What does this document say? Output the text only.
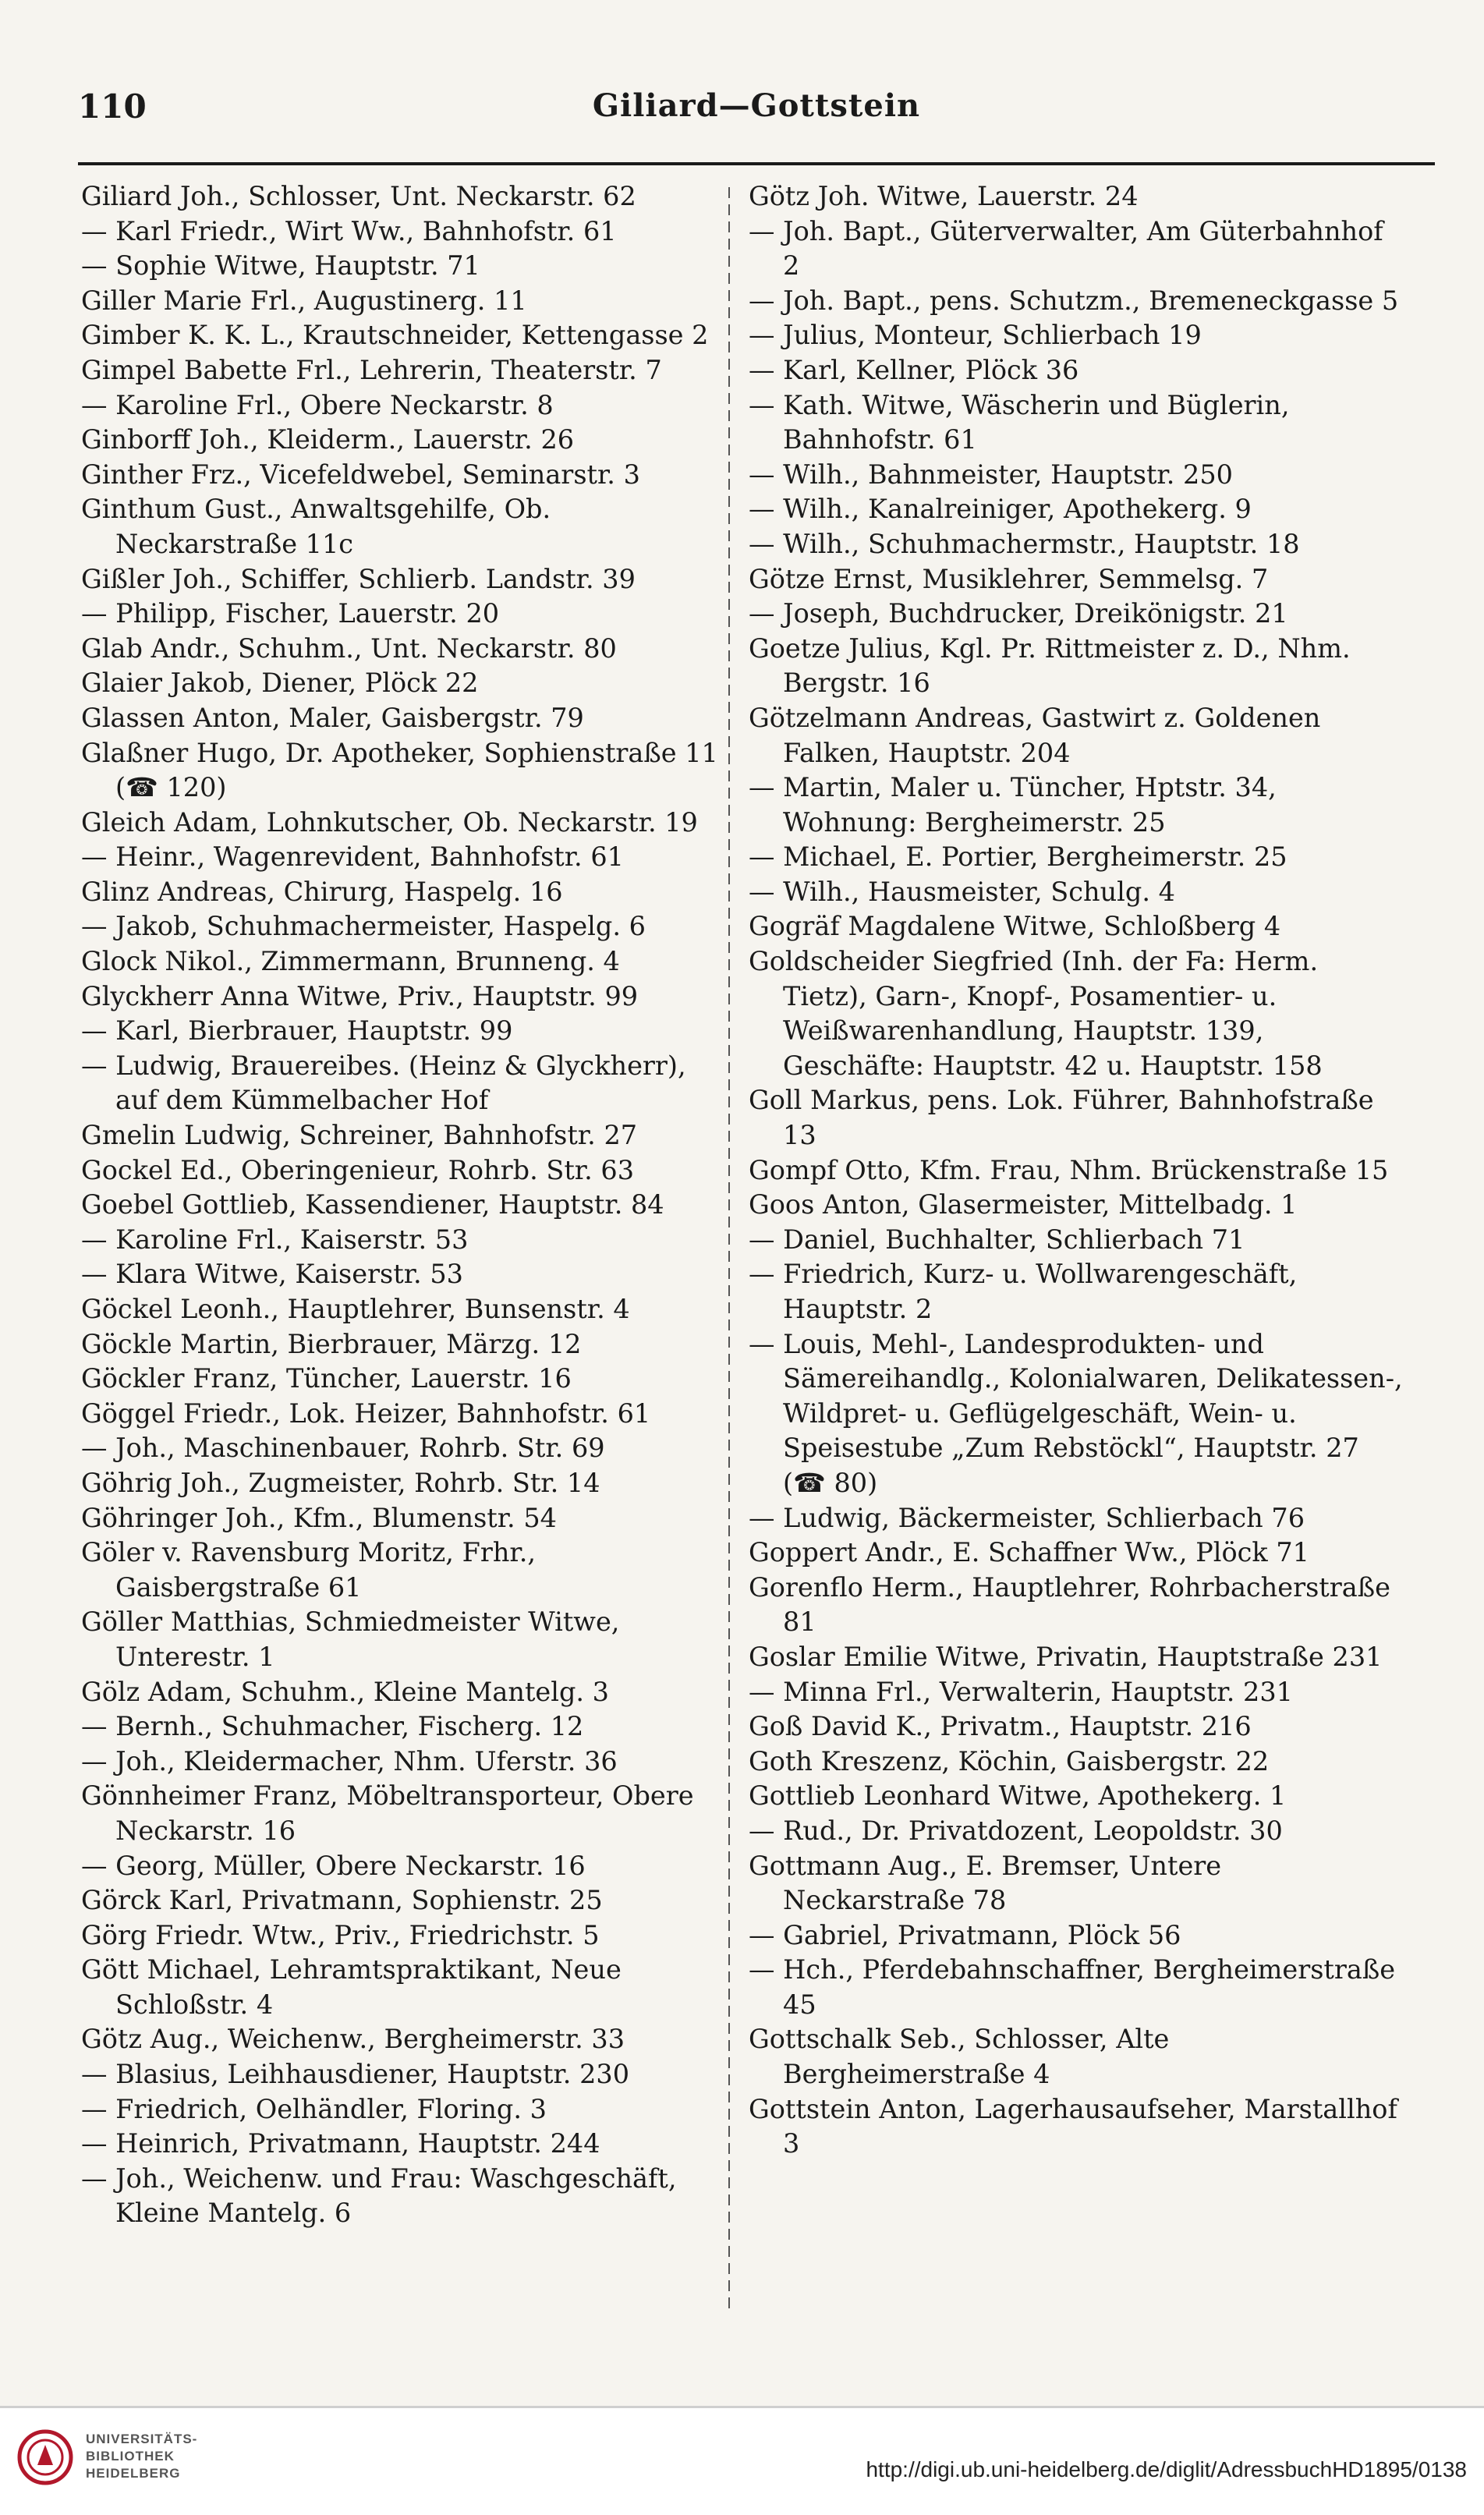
110	Giliard—Gottstein
Giliard Joh., Schlosser, Unt. Neckarstr. 62
— Karl Friedr., Wirt Ww., Bahnhofstr. 61
— Sophie Witwe, Hauptstr. 71
Giller Marie Frl., Augustinerg. 11
Gimber K. K. L., Krautschneider, Kettengasse 2
Gimpel Babette Frl., Lehrerin, Theaterstr. 7
— Karoline Frl., Obere Neckarstr. 8
Ginborff Joh., Kleiderm., Lauerstr. 26
Ginther Frz., Vicefeldwebel, Seminarstr. 3
Ginthum Gust., Anwaltsgehilfe, Ob. Neckarstraße 11c
Gißler Joh., Schiffer, Schlierb. Landstr. 39
— Philipp, Fischer, Lauerstr. 20
Glab Andr., Schuhm., Unt. Neckarstr. 80
Glaier Jakob, Diener, Plöck 22
Glassen Anton, Maler, Gaisbergstr. 79
Glaßner Hugo, Dr. Apotheker, Sophienstraße 11 (☎ 120)
Gleich Adam, Lohnkutscher, Ob. Neckarstr. 19
— Heinr., Wagenrevident, Bahnhofstr. 61
Glinz Andreas, Chirurg, Haspelg. 16
— Jakob, Schuhmachermeister, Haspelg. 6
Glock Nikol., Zimmermann, Brunneng. 4
Glyckherr Anna Witwe, Priv., Hauptstr. 99
— Karl, Bierbrauer, Hauptstr. 99
— Ludwig, Brauereibes. (Heinz & Glyckherr), auf dem Kümmelbacher Hof
Gmelin Ludwig, Schreiner, Bahnhofstr. 27
Gockel Ed., Oberingenieur, Rohrb. Str. 63
Goebel Gottlieb, Kassendiener, Hauptstr. 84
— Karoline Frl., Kaiserstr. 53
— Klara Witwe, Kaiserstr. 53
Göckel Leonh., Hauptlehrer, Bunsenstr. 4
Göckle Martin, Bierbrauer, Märzg. 12
Göckler Franz, Tüncher, Lauerstr. 16
Göggel Friedr., Lok. Heizer, Bahnhofstr. 61
— Joh., Maschinenbauer, Rohrb. Str. 69
Göhrig Joh., Zugmeister, Rohrb. Str. 14
Göhringer Joh., Kfm., Blumenstr. 54
Göler v. Ravensburg Moritz, Frhr., Gaisbergstraße 61
Göller Matthias, Schmiedmeister Witwe, Unterestr. 1
Gölz Adam, Schuhm., Kleine Mantelg. 3
— Bernh., Schuhmacher, Fischerg. 12
— Joh., Kleidermacher, Nhm. Uferstr. 36
Gönnheimer Franz, Möbeltransporteur, Obere Neckarstr. 16
— Georg, Müller, Obere Neckarstr. 16
Görck Karl, Privatmann, Sophienstr. 25
Görg Friedr. Wtw., Priv., Friedrichstr. 5
Gött Michael, Lehramtspraktikant, Neue Schloßstr. 4
Götz Aug., Weichenw., Bergheimerstr. 33
— Blasius, Leihhausdiener, Hauptstr. 230
— Friedrich, Oelhändler, Floring. 3
— Heinrich, Privatmann, Hauptstr. 244
— Joh., Weichenw. und Frau: Waschgeschäft, Kleine Mantelg. 6
Götz Joh. Witwe, Lauerstr. 24
— Joh. Bapt., Güterverwalter, Am Güterbahnhof 2
— Joh. Bapt., pens. Schutzm., Bremeneckgasse 5
— Julius, Monteur, Schlierbach 19
— Karl, Kellner, Plöck 36
— Kath. Witwe, Wäscherin und Büglerin, Bahnhofstr. 61
— Wilh., Bahnmeister, Hauptstr. 250
— Wilh., Kanalreiniger, Apothekerg. 9
— Wilh., Schuhmachermstr., Hauptstr. 18
Götze Ernst, Musiklehrer, Semmelsg. 7
— Joseph, Buchdrucker, Dreikönigstr. 21
Goetze Julius, Kgl. Pr. Rittmeister z. D., Nhm. Bergstr. 16
Götzelmann Andreas, Gastwirt z. Goldenen Falken, Hauptstr. 204
— Martin, Maler u. Tüncher, Hptstr. 34, Wohnung: Bergheimerstr. 25
— Michael, E. Portier, Bergheimerstr. 25
— Wilh., Hausmeister, Schulg. 4
Gogräf Magdalene Witwe, Schloßberg 4
Goldscheider Siegfried (Inh. der Fa: Herm. Tietz), Garn-, Knopf-, Posamentier- u. Weißwarenhandlung, Hauptstr. 139, Geschäfte: Hauptstr. 42 u. Hauptstr. 158
Goll Markus, pens. Lok. Führer, Bahnhofstraße 13
Gompf Otto, Kfm. Frau, Nhm. Brückenstraße 15
Goos Anton, Glasermeister, Mittelbadg. 1
— Daniel, Buchhalter, Schlierbach 71
— Friedrich, Kurz- u. Wollwarengeschäft, Hauptstr. 2
— Louis, Mehl-, Landesprodukten- und Sämereihandlg., Kolonialwaren, Delikatessen-, Wildpret- u. Geflügelgeschäft, Wein- u. Speisestube „Zum Rebstöckl“, Hauptstr. 27 (☎ 80)
— Ludwig, Bäckermeister, Schlierbach 76
Goppert Andr., E. Schaffner Ww., Plöck 71
Gorenflo Herm., Hauptlehrer, Rohrbacherstraße 81
Goslar Emilie Witwe, Privatin, Hauptstraße 231
— Minna Frl., Verwalterin, Hauptstr. 231
Goß David K., Privatm., Hauptstr. 216
Goth Kreszenz, Köchin, Gaisbergstr. 22
Gottlieb Leonhard Witwe, Apothekerg. 1
— Rud., Dr. Privatdozent, Leopoldstr. 30
Gottmann Aug., E. Bremser, Untere Neckarstraße 78
— Gabriel, Privatmann, Plöck 56
— Hch., Pferdebahnschaffner, Bergheimerstraße 45
Gottschalk Seb., Schlosser, Alte Bergheimerstraße 4
Gottstein Anton, Lagerhausaufseher, Marstallhof 3
UNIVERSITÄTS-
BIBLIOTHEK
HEIDELBERG	http://digi.ub.uni-heidelberg.de/diglit/AdressbuchHD1895/0138
